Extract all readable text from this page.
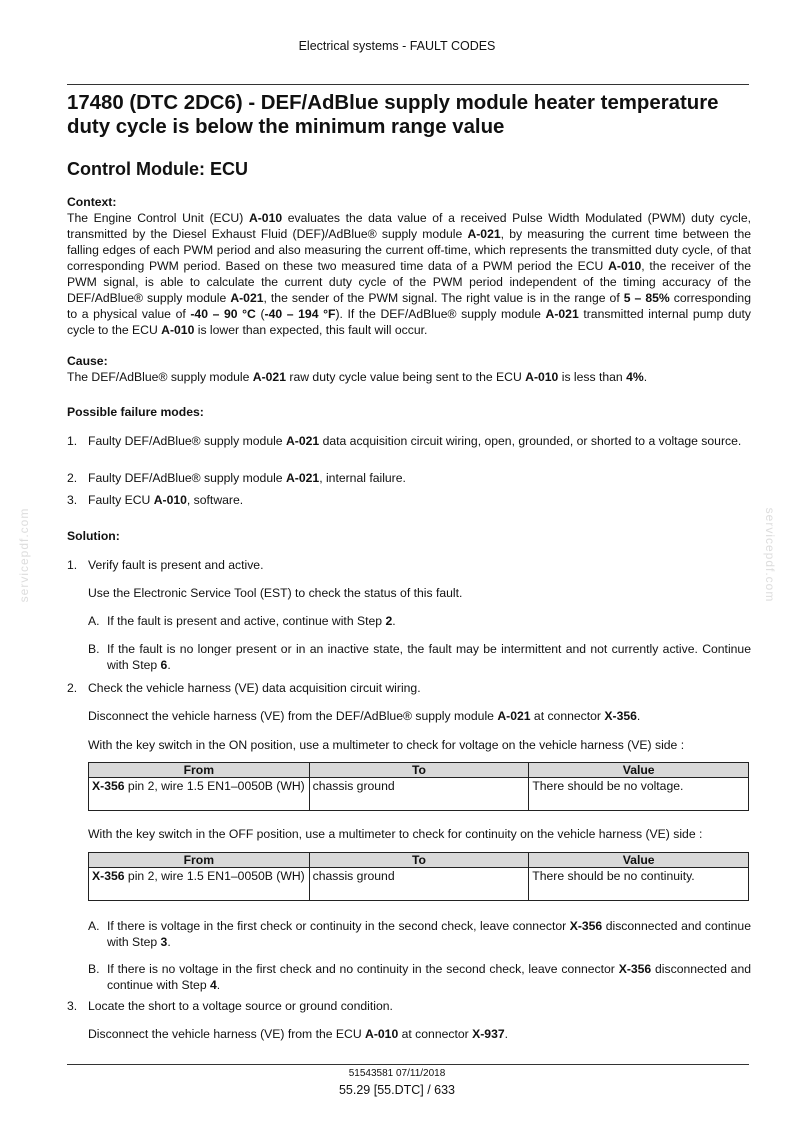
Electrical systems - FAULT CODES
17480 (DTC 2DC6) - DEF/AdBlue supply module heater temperature
duty cycle is below the minimum range value
Control Module: ECU
Context:
The Engine Control Unit (ECU) A-010 evaluates the data value of a received Pulse Width Modulated (PWM) duty cycle, transmitted by the Diesel Exhaust Fluid (DEF)/AdBlue® supply module A-021, by measuring the current time between the falling edges of each PWM period and also measuring the current off-time, which represents the transmitted duty cycle, of that corresponding PWM period. Based on these two measured time data of a PWM period the ECU A-010, the receiver of the PWM signal, is able to calculate the current duty cycle of the PWM period independent of the timing accuracy of the DEF/AdBlue® supply module A-021, the sender of the PWM signal. The right value is in the range of 5 – 85% corresponding to a physical value of -40 – 90 °C (-40 – 194 °F). If the DEF/AdBlue® supply module A-021 transmitted internal pump duty cycle to the ECU A-010 is lower than expected, this fault will occur.
Cause:
The DEF/AdBlue® supply module A-021 raw duty cycle value being sent to the ECU A-010 is less than 4%.
Possible failure modes:
1. Faulty DEF/AdBlue® supply module A-021 data acquisition circuit wiring, open, grounded, or shorted to a voltage source.
2. Faulty DEF/AdBlue® supply module A-021, internal failure.
3. Faulty ECU A-010, software.
Solution:
1. Verify fault is present and active.
Use the Electronic Service Tool (EST) to check the status of this fault.
A. If the fault is present and active, continue with Step 2.
B. If the fault is no longer present or in an inactive state, the fault may be intermittent and not currently active. Continue with Step 6.
2. Check the vehicle harness (VE) data acquisition circuit wiring.
Disconnect the vehicle harness (VE) from the DEF/AdBlue® supply module A-021 at connector X-356.
With the key switch in the ON position, use a multimeter to check for voltage on the vehicle harness (VE) side :
From	To	Value
X-356 pin 2, wire 1.5 EN1–0050B (WH)	chassis ground	There should be no voltage.
With the key switch in the OFF position, use a multimeter to check for continuity on the vehicle harness (VE) side :
From	To	Value
X-356 pin 2, wire 1.5 EN1–0050B (WH)	chassis ground	There should be no continuity.
A. If there is voltage in the first check or continuity in the second check, leave connector X-356 disconnected and continue with Step 3.
B. If there is no voltage in the first check and no continuity in the second check, leave connector X-356 disconnected and continue with Step 4.
3. Locate the short to a voltage source or ground condition.
Disconnect the vehicle harness (VE) from the ECU A-010 at connector X-937.
51543581 07/11/2018
55.29 [55.DTC] / 633
servicepdf.com	servicepdf.com
